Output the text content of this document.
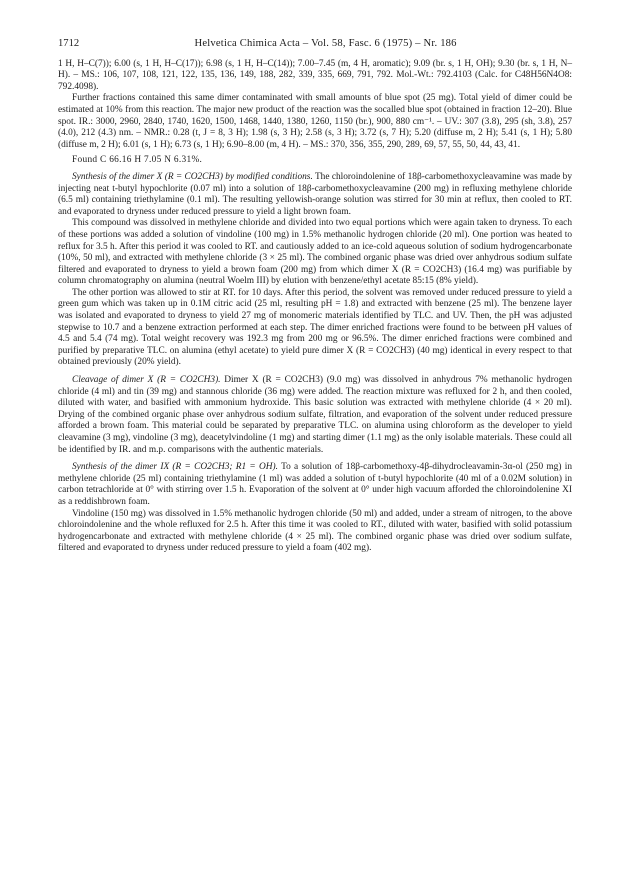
1712	Helvetica Chimica Acta – Vol. 58, Fasc. 6 (1975) – Nr. 186

1 H, H–C(7)); 6.00 (s, 1 H, H–C(17)); 6.98 (s, 1 H, H–C(14)); 7.00–7.45 (m, 4 H, aromatic); 9.09 (br. s, 1 H, OH); 9.30 (br. s, 1 H, N–H). – MS.: 106, 107, 108, 121, 122, 135, 136, 149, 188, 282, 339, 335, 669, 791, 792. Mol.-Wt.: 792.4103 (Calc. for C48H56N4O8: 792.4098).

Further fractions contained this same dimer contaminated with small amounts of blue spot (25 mg). Total yield of dimer could be estimated at 10% from this reaction. The major new product of the reaction was the socalled blue spot (obtained in fraction 12–20). Blue spot. IR.: 3000, 2960, 2840, 1740, 1620, 1500, 1468, 1440, 1380, 1260, 1150 (br.), 900, 880 cm⁻¹. – UV.: 307 (3.8), 295 (sh, 3.8), 257 (4.0), 212 (4.3) nm. – NMR.: 0.28 (t, J = 8, 3 H); 1.98 (s, 3 H); 2.58 (s, 3 H); 3.72 (s, 7 H); 5.20 (diffuse m, 2 H); 5.41 (s, 1 H); 5.80 (diffuse m, 2 H); 6.01 (s, 1 H); 6.73 (s, 1 H); 6.90–8.00 (m, 4 H). – MS.: 370, 356, 355, 290, 289, 69, 57, 55, 50, 44, 43, 41.

Found C 66.16 H 7.05 N 6.31%.

Synthesis of the dimer X (R = CO2CH3) by modified conditions. The chloroindolenine of 18β-carbomethoxycleavamine was made by injecting neat t-butyl hypochlorite (0.07 ml) into a solution of 18β-carbomethoxycleavamine (200 mg) in refluxing methylene chloride (6.5 ml) containing triethylamine (0.1 ml). The resulting yellowish-orange solution was stirred for 30 min at reflux, then cooled to RT. and evaporated to dryness under reduced pressure to yield a light brown foam.

This compound was dissolved in methylene chloride and divided into two equal portions which were again taken to dryness. To each of these portions was added a solution of vindoline (100 mg) in 1.5% methanolic hydrogen chloride (20 ml). One portion was heated to reflux for 3.5 h. After this period it was cooled to RT. and cautiously added to an ice-cold aqueous solution of sodium hydrogencarbonate (10%, 50 ml), and extracted with methylene chloride (3 × 25 ml). The combined organic phase was dried over anhydrous sodium sulfate filtered and evaporated to dryness to yield a brown foam (200 mg) from which dimer X (R = CO2CH3) (16.4 mg) was purifiable by column chromatography on alumina (neutral Woelm III) by elution with benzene/ethyl acetate 85:15 (8% yield).

The other portion was allowed to stir at RT. for 10 days. After this period, the solvent was removed under reduced pressure to yield a green gum which was taken up in 0.1M citric acid (25 ml, resulting pH = 1.8) and extracted with benzene (25 ml). The benzene layer was isolated and evaporated to dryness to yield 27 mg of monomeric materials identified by TLC. and UV. Then, the pH was adjusted stepwise to 10.7 and a benzene extraction performed at each step. The dimer enriched fractions were found to be between pH values of 4.5 and 5.4 (74 mg). Total weight recovery was 192.3 mg from 200 mg or 96.5%. The dimer enriched fractions were combined and purified by preparative TLC. on alumina (ethyl acetate) to yield pure dimer X (R = CO2CH3) (40 mg) identical in every respect to that obtained previously (20% yield).

Cleavage of dimer X (R = CO2CH3). Dimer X (R = CO2CH3) (9.0 mg) was dissolved in anhydrous 7% methanolic hydrogen chloride (4 ml) and tin (39 mg) and stannous chloride (36 mg) were added. The reaction mixture was refluxed for 2 h, and then cooled, diluted with water, and basified with ammonium hydroxide. This basic solution was extracted with methylene chloride (4 × 20 ml). Drying of the combined organic phase over anhydrous sodium sulfate, filtration, and evaporation of the solvent under reduced pressure afforded a brown foam. This material could be separated by preparative TLC. on alumina using chloroform as the developer to yield cleavamine (3 mg), vindoline (3 mg), deacetylvindoline (1 mg) and starting dimer (1.1 mg) as the only isolable materials. These could all be identified by IR. and m.p. comparisons with the authentic materials.

Synthesis of the dimer IX (R = CO2CH3; R1 = OH). To a solution of 18β-carbomethoxy-4β-dihydrocleavamin-3α-ol (250 mg) in methylene chloride (25 ml) containing triethylamine (1 ml) was added a solution of t-butyl hypochlorite (40 ml of a 0.02M solution) in carbon tetrachloride at 0° with stirring over 1.5 h. Evaporation of the solvent at 0° under high vacuum afforded the chloroindolenine XI as a reddishbrown foam.

Vindoline (150 mg) was dissolved in 1.5% methanolic hydrogen chloride (50 ml) and added, under a stream of nitrogen, to the above chloroindolenine and the whole refluxed for 2.5 h. After this time it was cooled to RT., diluted with water, basified with solid potassium hydrogencarbonate and extracted with methylene chloride (4 × 25 ml). The combined organic phase was dried over sodium sulfate, filtered and evaporated to dryness under reduced pressure to yield a foam (402 mg).
